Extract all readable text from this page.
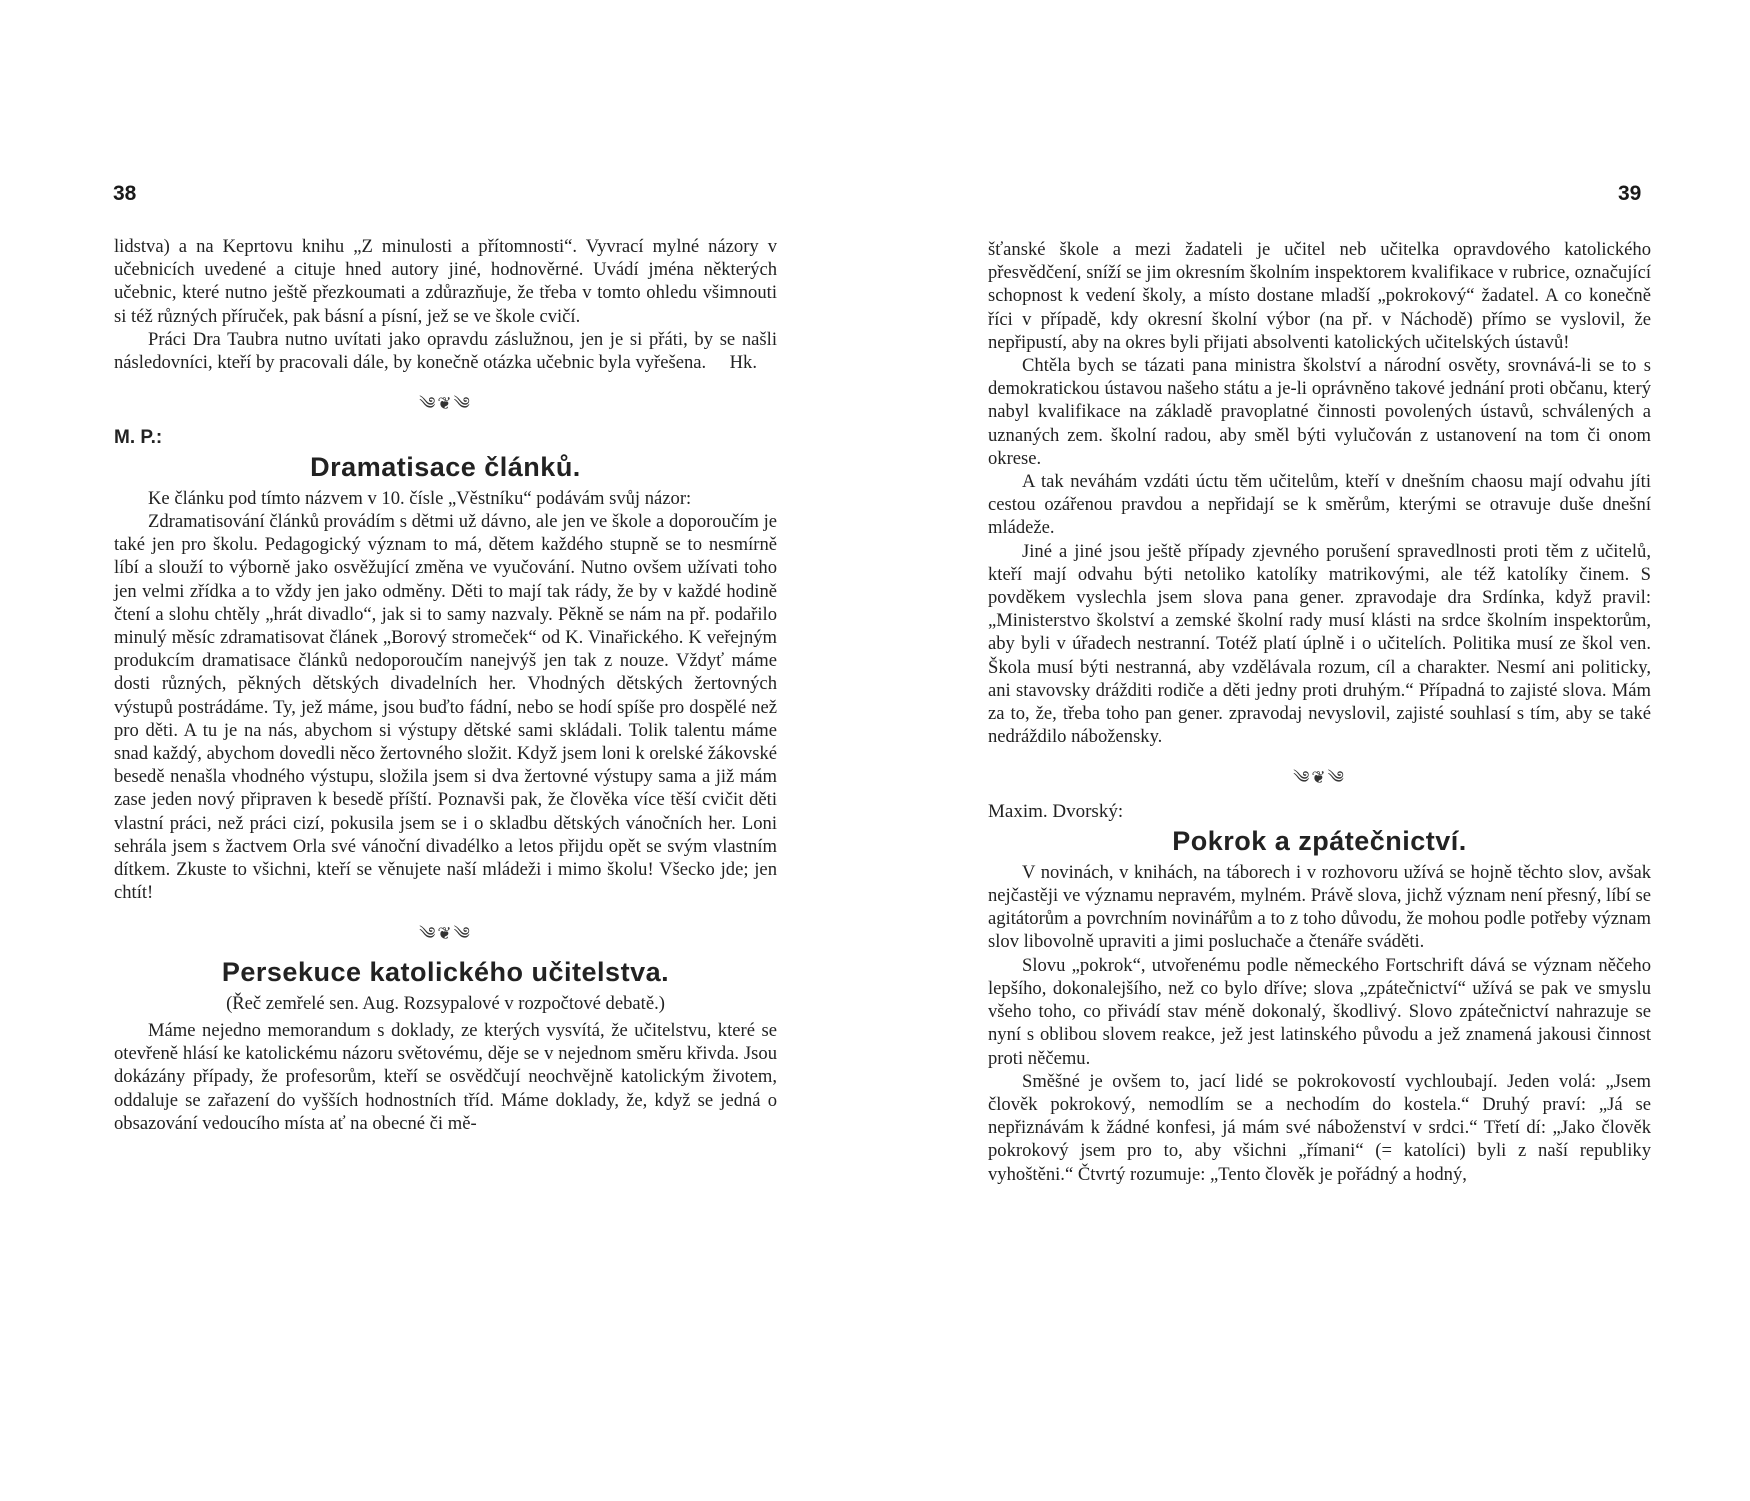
38

lidstva) a na Keprtovu knihu „Z minulosti a přítomnosti“. Vyvrací mylné názory v učebnicích uvedené a cituje hned autory jiné, hodnověrné. Uvádí jména některých učebnic, které nutno ještě přezkoumati a zdůrazňuje, že třeba v tomto ohledu všimnouti si též různých příruček, pak básní a písní, jež se ve škole cvičí.

Práci Dra Taubra nutno uvítati jako opravdu záslužnou, jen je si přáti, by se našli následovníci, kteří by pracovali dále, by konečně otázka učebnic byla vyřešena.	Hk.
༄❦༄
M. P.:
Dramatisace článků.

Ke článku pod tímto názvem v 10. čísle „Věstníku“ podávám svůj názor:

Zdramatisování článků provádím s dětmi už dávno, ale jen ve škole a doporoučím je také jen pro školu. Pedagogický význam to má, dětem každého stupně se to nesmírně líbí a slouží to výborně jako osvěžující změna ve vyučování. Nutno ovšem užívati toho jen velmi zřídka a to vždy jen jako odměny. Děti to mají tak rády, že by v každé hodině čtení a slohu chtěly „hrát divadlo“, jak si to samy nazvaly. Pěkně se nám na př. podařilo minulý měsíc zdramatisovat článek „Borový stromeček“ od K. Vinařického. K veřejným produkcím dramatisace článků nedoporoučím nanejvýš jen tak z nouze. Vždyť máme dosti různých, pěkných dětských divadelních her. Vhodných dětských žertovných výstupů postrádáme. Ty, jež máme, jsou buďto fádní, nebo se hodí spíše pro dospělé než pro děti. A tu je na nás, abychom si výstupy dětské sami skládali. Tolik talentu máme snad každý, abychom dovedli něco žertovného složit. Když jsem loni k orelské žákovské besedě nenašla vhodného výstupu, složila jsem si dva žertovné výstupy sama a již mám zase jeden nový připraven k besedě příští. Poznavši pak, že člověka více těší cvičit děti vlastní práci, než práci cizí, pokusila jsem se i o skladbu dětských vánočních her. Loni sehrála jsem s žactvem Orla své vánoční divadélko a letos přijdu opět se svým vlastním dítkem. Zkuste to všichni, kteří se věnujete naší mládeži i mimo školu! Všecko jde; jen chtít!

༄❦༄
Persekuce katolického učitelstva.
(Řeč zemřelé sen. Aug. Rozsypalové v rozpočtové debatě.)

Máme nejedno memorandum s doklady, ze kterých vysvítá, že učitelstvu, které se otevřeně hlásí ke katolickému názoru světovému, děje se v nejednom směru křivda. Jsou dokázány případy, že profesorům, kteří se osvědčují neochvějně katolickým životem, oddaluje se zařazení do vyšších hodnostních tříd. Máme doklady, že, když se jedná o obsazování vedoucího místa ať na obecné či mě-

39

šťanské škole a mezi žadateli je učitel neb učitelka opravdového katolického přesvědčení, sníží se jim okresním školním inspektorem kvalifikace v rubrice, označující schopnost k vedení školy, a místo dostane mladší „pokrokový“ žadatel. A co konečně říci v případě, kdy okresní školní výbor (na př. v Náchodě) přímo se vyslovil, že nepřipustí, aby na okres byli přijati absolventi katolických učitelských ústavů!

Chtěla bych se tázati pana ministra školství a národní osvěty, srovnává-li se to s demokratickou ústavou našeho státu a je-li oprávněno takové jednání proti občanu, který nabyl kvalifikace na základě pravoplatné činnosti povolených ústavů, schválených a uznaných zem. školní radou, aby směl býti vylučován z ustanovení na tom či onom okrese.

A tak neváhám vzdáti úctu těm učitelům, kteří v dnešním chaosu mají odvahu jíti cestou ozářenou pravdou a nepřidají se k směrům, kterými se otravuje duše dnešní mládeže.

Jiné a jiné jsou ještě případy zjevného porušení spravedlnosti proti těm z učitelů, kteří mají odvahu býti netoliko katolíky matrikovými, ale též katolíky činem. S povděkem vyslechla jsem slova pana gener. zpravodaje dra Srdínka, když pravil: „Ministerstvo školství a zemské školní rady musí klásti na srdce školním inspektorům, aby byli v úřadech nestranní. Totéž platí úplně i o učitelích. Politika musí ze škol ven. Škola musí býti nestranná, aby vzdělávala rozum, cíl a charakter. Nesmí ani politicky, ani stavovsky drážditi rodiče a děti jedny proti druhým.“ Případná to zajisté slova. Mám za to, že, třeba toho pan gener. zpravodaj nevyslovil, zajisté souhlasí s tím, aby se také nedráždilo nábožensky.

༄❦༄
Maxim. Dvorský:
Pokrok a zpátečnictví.

V novinách, v knihách, na táborech i v rozhovoru užívá se hojně těchto slov, avšak nejčastěji ve významu nepravém, mylném. Právě slova, jichž význam není přesný, líbí se agitátorům a povrchním novinářům a to z toho důvodu, že mohou podle potřeby význam slov libovolně upraviti a jimi posluchače a čtenáře sváděti.

Slovu „pokrok“, utvořenému podle německého Fortschrift dává se význam něčeho lepšího, dokonalejšího, než co bylo dříve; slova „zpátečnictví“ užívá se pak ve smyslu všeho toho, co přivádí stav méně dokonalý, škodlivý. Slovo zpátečnictví nahrazuje se nyní s oblibou slovem reakce, jež jest latinského původu a jež znamená jakousi činnost proti něčemu.

Směšné je ovšem to, jací lidé se pokrokovostí vychloubají. Jeden volá: „Jsem člověk pokrokový, nemodlím se a nechodím do kostela.“ Druhý praví: „Já se nepřiznávám k žádné konfesi, já mám své náboženství v srdci.“ Třetí dí: „Jako člověk pokrokový jsem pro to, aby všichni „římani“ (= katolíci) byli z naší republiky vyhoštěni.“ Čtvrtý rozumuje: „Tento člověk je pořádný a hodný,
